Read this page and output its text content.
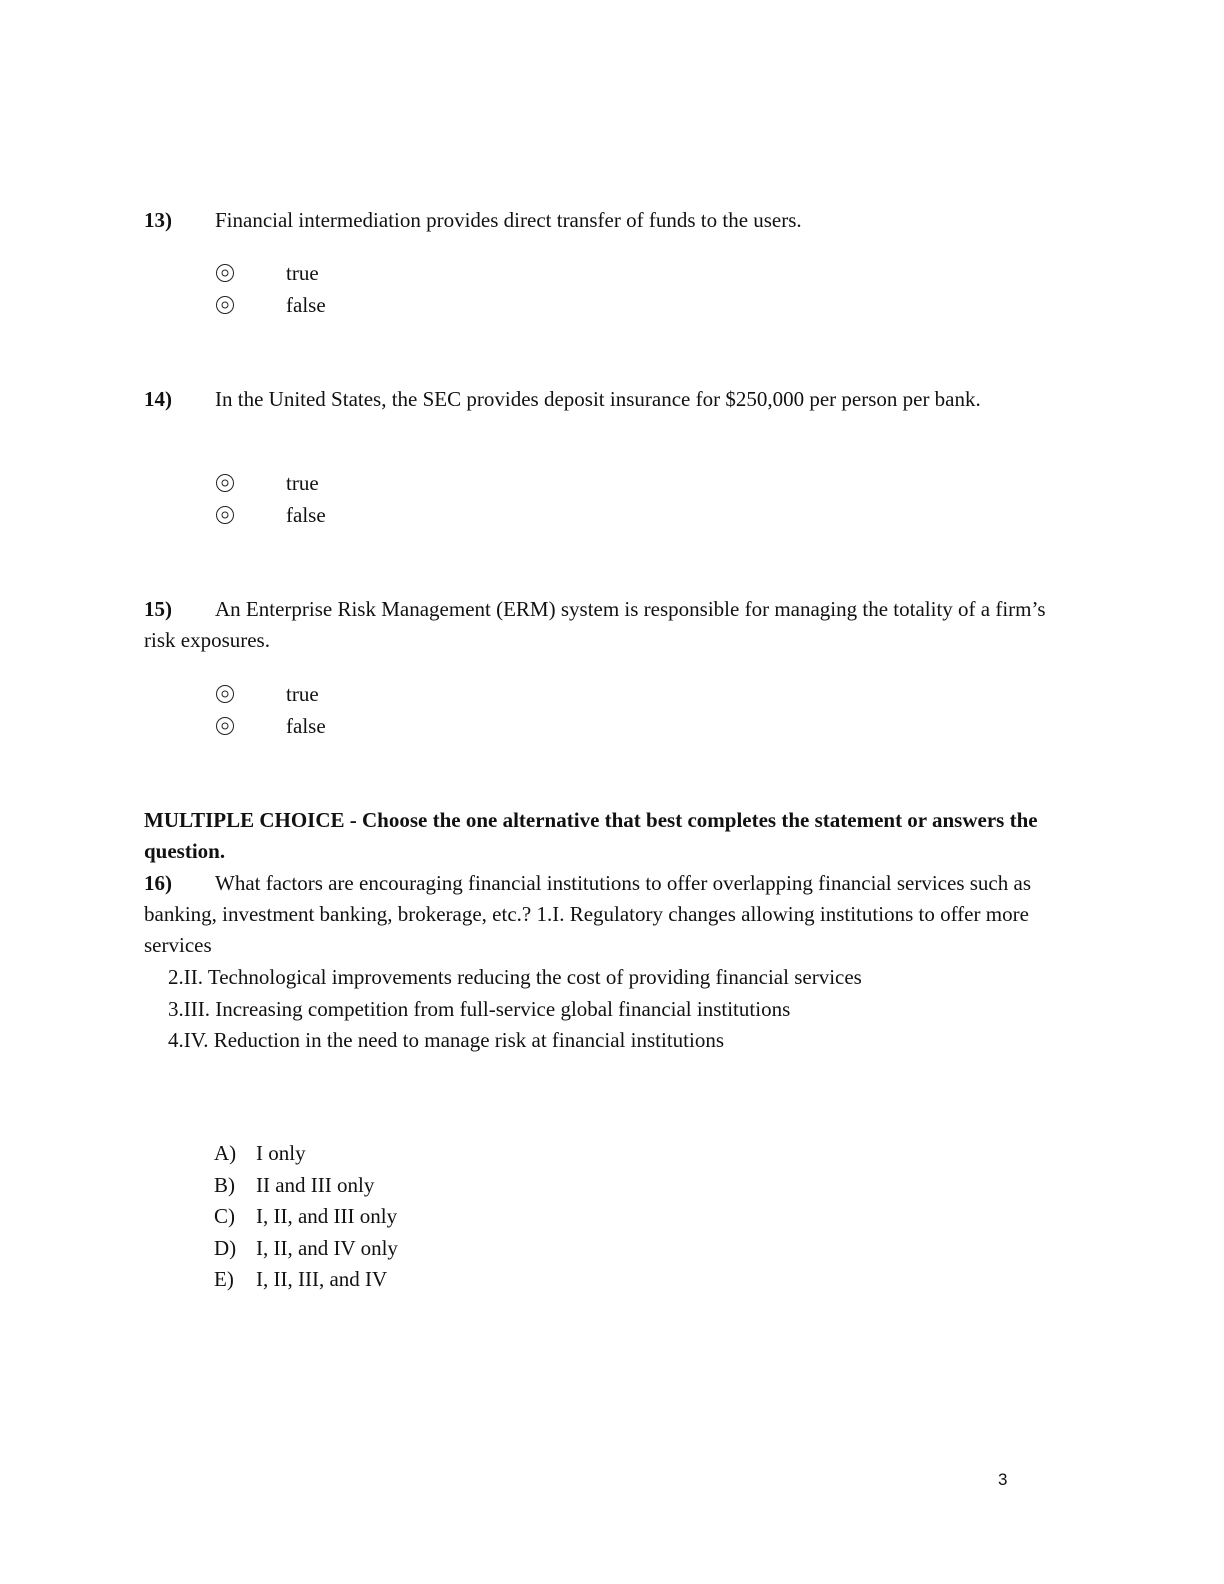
13) Financial intermediation provides direct transfer of funds to the users.
true
false
14) In the United States, the SEC provides deposit insurance for $250,000 per person per bank.
true
false
15) An Enterprise Risk Management (ERM) system is responsible for managing the totality of a firm’s risk exposures.
true
false
MULTIPLE CHOICE - Choose the one alternative that best completes the statement or answers the question.
16) What factors are encouraging financial institutions to offer overlapping financial services such as banking, investment banking, brokerage, etc.? 1.I. Regulatory changes allowing institutions to offer more services
2.II. Technological improvements reducing the cost of providing financial services
3.III. Increasing competition from full-service global financial institutions
4.IV. Reduction in the need to manage risk at financial institutions
A) I only
B) II and III only
C) I, II, and III only
D) I, II, and IV only
E) I, II, III, and IV
3
